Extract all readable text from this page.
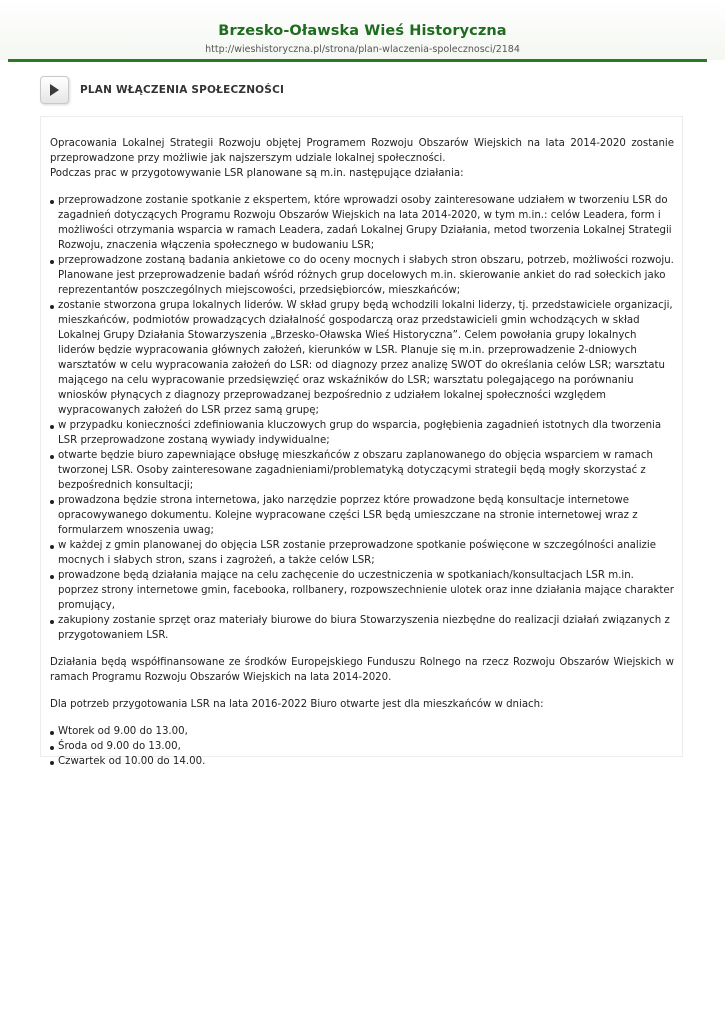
Brzesko-Oławska Wieś Historyczna
http://wieshistoryczna.pl/strona/plan-wlaczenia-spolecznosci/2184
PLAN WŁĄCZENIA SPOŁECZNOŚCI

Opracowania Lokalnej Strategii Rozwoju objętej Programem Rozwoju Obszarów Wiejskich na lata 2014-2020 zostanie przeprowadzone przy możliwie jak najszerszym udziale lokalnej społeczności.

Podczas prac w przygotowywanie LSR planowane są m.in. następujące działania:

przeprowadzone zostanie spotkanie z ekspertem, które wprowadzi osoby zainteresowane udziałem w tworzeniu LSR do zagadnień dotyczących Programu Rozwoju Obszarów Wiejskich na lata 2014-2020, w tym m.in.: celów Leadera, form i możliwości otrzymania wsparcia w ramach Leadera, zadań Lokalnej Grupy Działania, metod tworzenia Lokalnej Strategii Rozwoju, znaczenia włączenia społecznego w budowaniu LSR;
przeprowadzone zostaną badania ankietowe co do oceny mocnych i słabych stron obszaru, potrzeb, możliwości rozwoju. Planowane jest przeprowadzenie badań wśród różnych grup docelowych m.in. skierowanie ankiet do rad sołeckich jako reprezentantów poszczególnych miejscowości, przedsiębiorców, mieszkańców;
zostanie stworzona grupa lokalnych liderów. W skład grupy będą wchodzili lokalni liderzy, tj. przedstawiciele organizacji, mieszkańców, podmiotów prowadzących działalność gospodarczą oraz przedstawicieli gmin wchodzących w skład Lokalnej Grupy Działania Stowarzyszenia „Brzesko-Oławska Wieś Historyczna”. Celem powołania grupy lokalnych liderów będzie wypracowania głównych założeń, kierunków w LSR. Planuje się m.in. przeprowadzenie 2-dniowych warsztatów w celu wypracowania założeń do LSR: od diagnozy przez analizę SWOT do określania celów LSR; warsztatu mającego na celu wypracowanie przedsięwzięć oraz wskaźników do LSR; warsztatu polegającego na porównaniu wniosków płynących z diagnozy przeprowadzanej bezpośrednio z udziałem lokalnej społeczności względem wypracowanych założeń do LSR przez samą grupę;
w przypadku konieczności zdefiniowania kluczowych grup do wsparcia, pogłębienia zagadnień istotnych dla tworzenia LSR przeprowadzone zostaną wywiady indywidualne;
otwarte będzie biuro zapewniające obsługę mieszkańców z obszaru zaplanowanego do objęcia wsparciem w ramach tworzonej LSR. Osoby zainteresowane zagadnieniami/problematyką dotyczącymi strategii będą mogły skorzystać z bezpośrednich konsultacji;
prowadzona będzie strona internetowa, jako narzędzie poprzez które prowadzone będą konsultacje internetowe opracowywanego dokumentu. Kolejne wypracowane części LSR będą umieszczane na stronie internetowej wraz z formularzem wnoszenia uwag;
w każdej z gmin planowanej do objęcia LSR zostanie przeprowadzone spotkanie poświęcone w szczególności analizie mocnych i słabych stron, szans i zagrożeń, a także celów LSR;
prowadzone będą działania mające na celu zachęcenie do uczestniczenia w spotkaniach/konsultacjach LSR m.in. poprzez strony internetowe gmin, facebooka, rollbanery, rozpowszechnienie ulotek oraz inne działania mające charakter promujący,
zakupiony zostanie sprzęt oraz materiały biurowe do biura Stowarzyszenia niezbędne do realizacji działań związanych z przygotowaniem LSR.

Działania będą współfinansowane ze środków Europejskiego Funduszu Rolnego na rzecz Rozwoju Obszarów Wiejskich w ramach Programu Rozwoju Obszarów Wiejskich na lata 2014-2020.

Dla potrzeb przygotowania LSR na lata 2016-2022 Biuro otwarte jest dla mieszkańców w dniach:

Wtorek od 9.00 do 13.00,
Środa od 9.00 do 13.00,
Czwartek od 10.00 do 14.00.
